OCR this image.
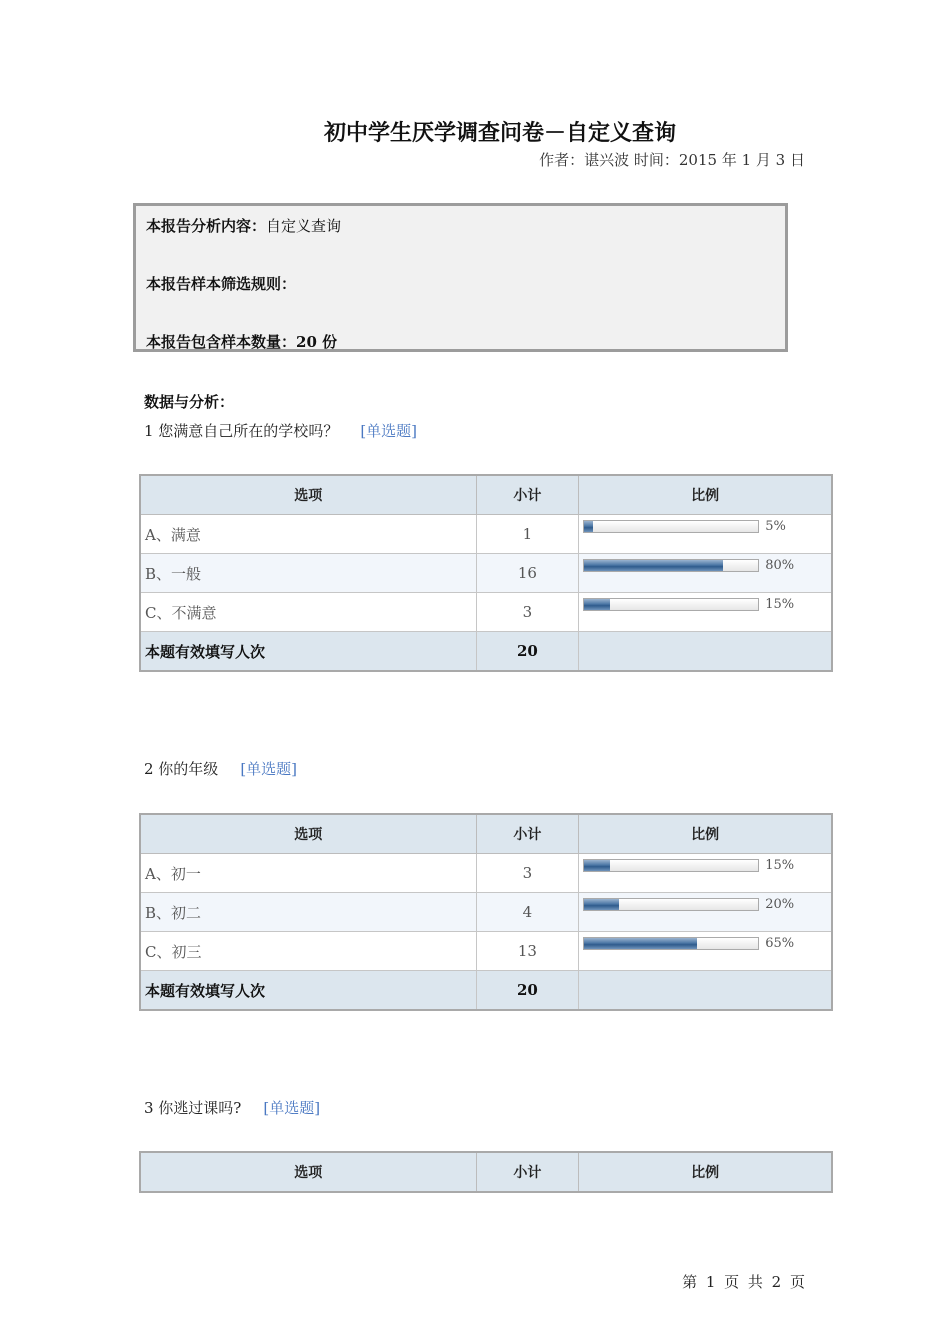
初中学生厌学调查问卷－自定义查询
作者：谌兴波 时间：2015 年 1 月 3 日
本报告分析内容：自定义查询
本报告样本筛选规则：
本报告包含样本数量：20 份
数据与分析：
1 您满意自己所在的学校吗？ [单选题]
选项	小计	比例
A、满意	1	5%

B、一般	16	80%

C、不满意	3	15%

本题有效填写人次	20	
2 你的年级 [单选题]
选项	小计	比例
A、初一	3	15%

B、初二	4	20%

C、初三	13	65%

本题有效填写人次	20	
3 你逃过课吗? [单选题]
选项	小计	比例
第 1 页 共 2 页
